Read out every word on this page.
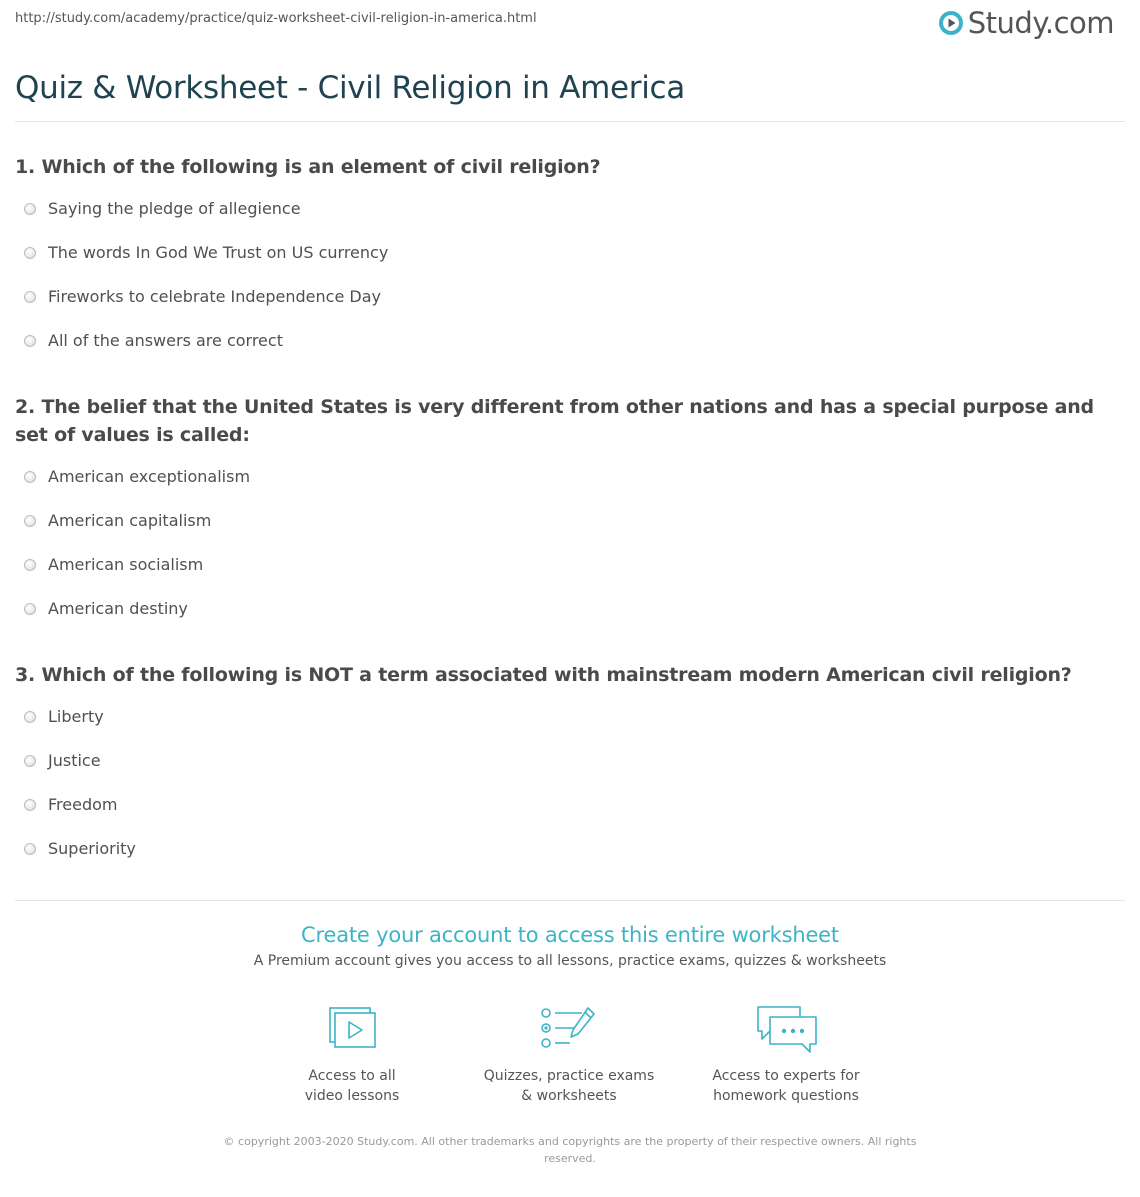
http://study.com/academy/practice/quiz-worksheet-civil-religion-in-america.html	Study.com
Quiz & Worksheet - Civil Religion in America
1. Which of the following is an element of civil religion?
Saying the pledge of allegience
The words In God We Trust on US currency
Fireworks to celebrate Independence Day
All of the answers are correct
2. The belief that the United States is very different from other nations and has a special purpose and set of values is called:
American exceptionalism
American capitalism
American socialism
American destiny
3. Which of the following is NOT a term associated with mainstream modern American civil religion?
Liberty
Justice
Freedom
Superiority
Create your account to access this entire worksheet
A Premium account gives you access to all lessons, practice exams, quizzes & worksheets
Access to all
video lessons
Quizzes, practice exams
& worksheets
Access to experts for
homework questions
© copyright 2003-2020 Study.com. All other trademarks and copyrights are the property of their respective owners. All rights reserved.
